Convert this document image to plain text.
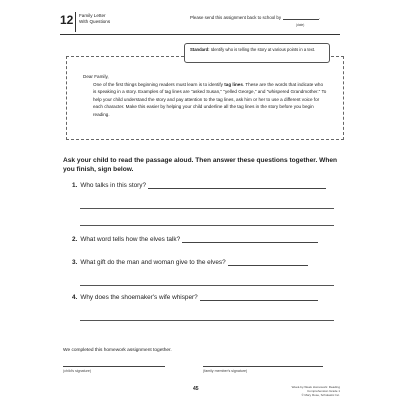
12 Family Letter
With Questions
Please send this assignment back to school by	.
(date)
Standard: Identify who is telling the story at various points in a text.

Dear Family,

One of the first things beginning readers must learn is to identify tag lines. These are the words that indicate who is speaking in a story. Examples of tag lines are "asked Susan," "yelled George," and "whispered Grandmother." To help your child understand the story and pay attention to the tag lines, ask him or her to use a different voice for each character. Make this easier by helping your child underline all the tag lines in the story before you begin reading.

Ask your child to read the passage aloud. Then answer these questions together. When you finish, sign below.
1. Who talks in this story?
2. What word tells how the elves talk?
3. What gift do the man and woman give to the elves?
4. Why does the shoemaker's wife whisper?
We completed this homework assignment together.
(child's signature)	(family member's signature)
45	Week-by-Week Homework: Reading Comprehension Grade 1
© Mary Rose, Scholastic Inc.
